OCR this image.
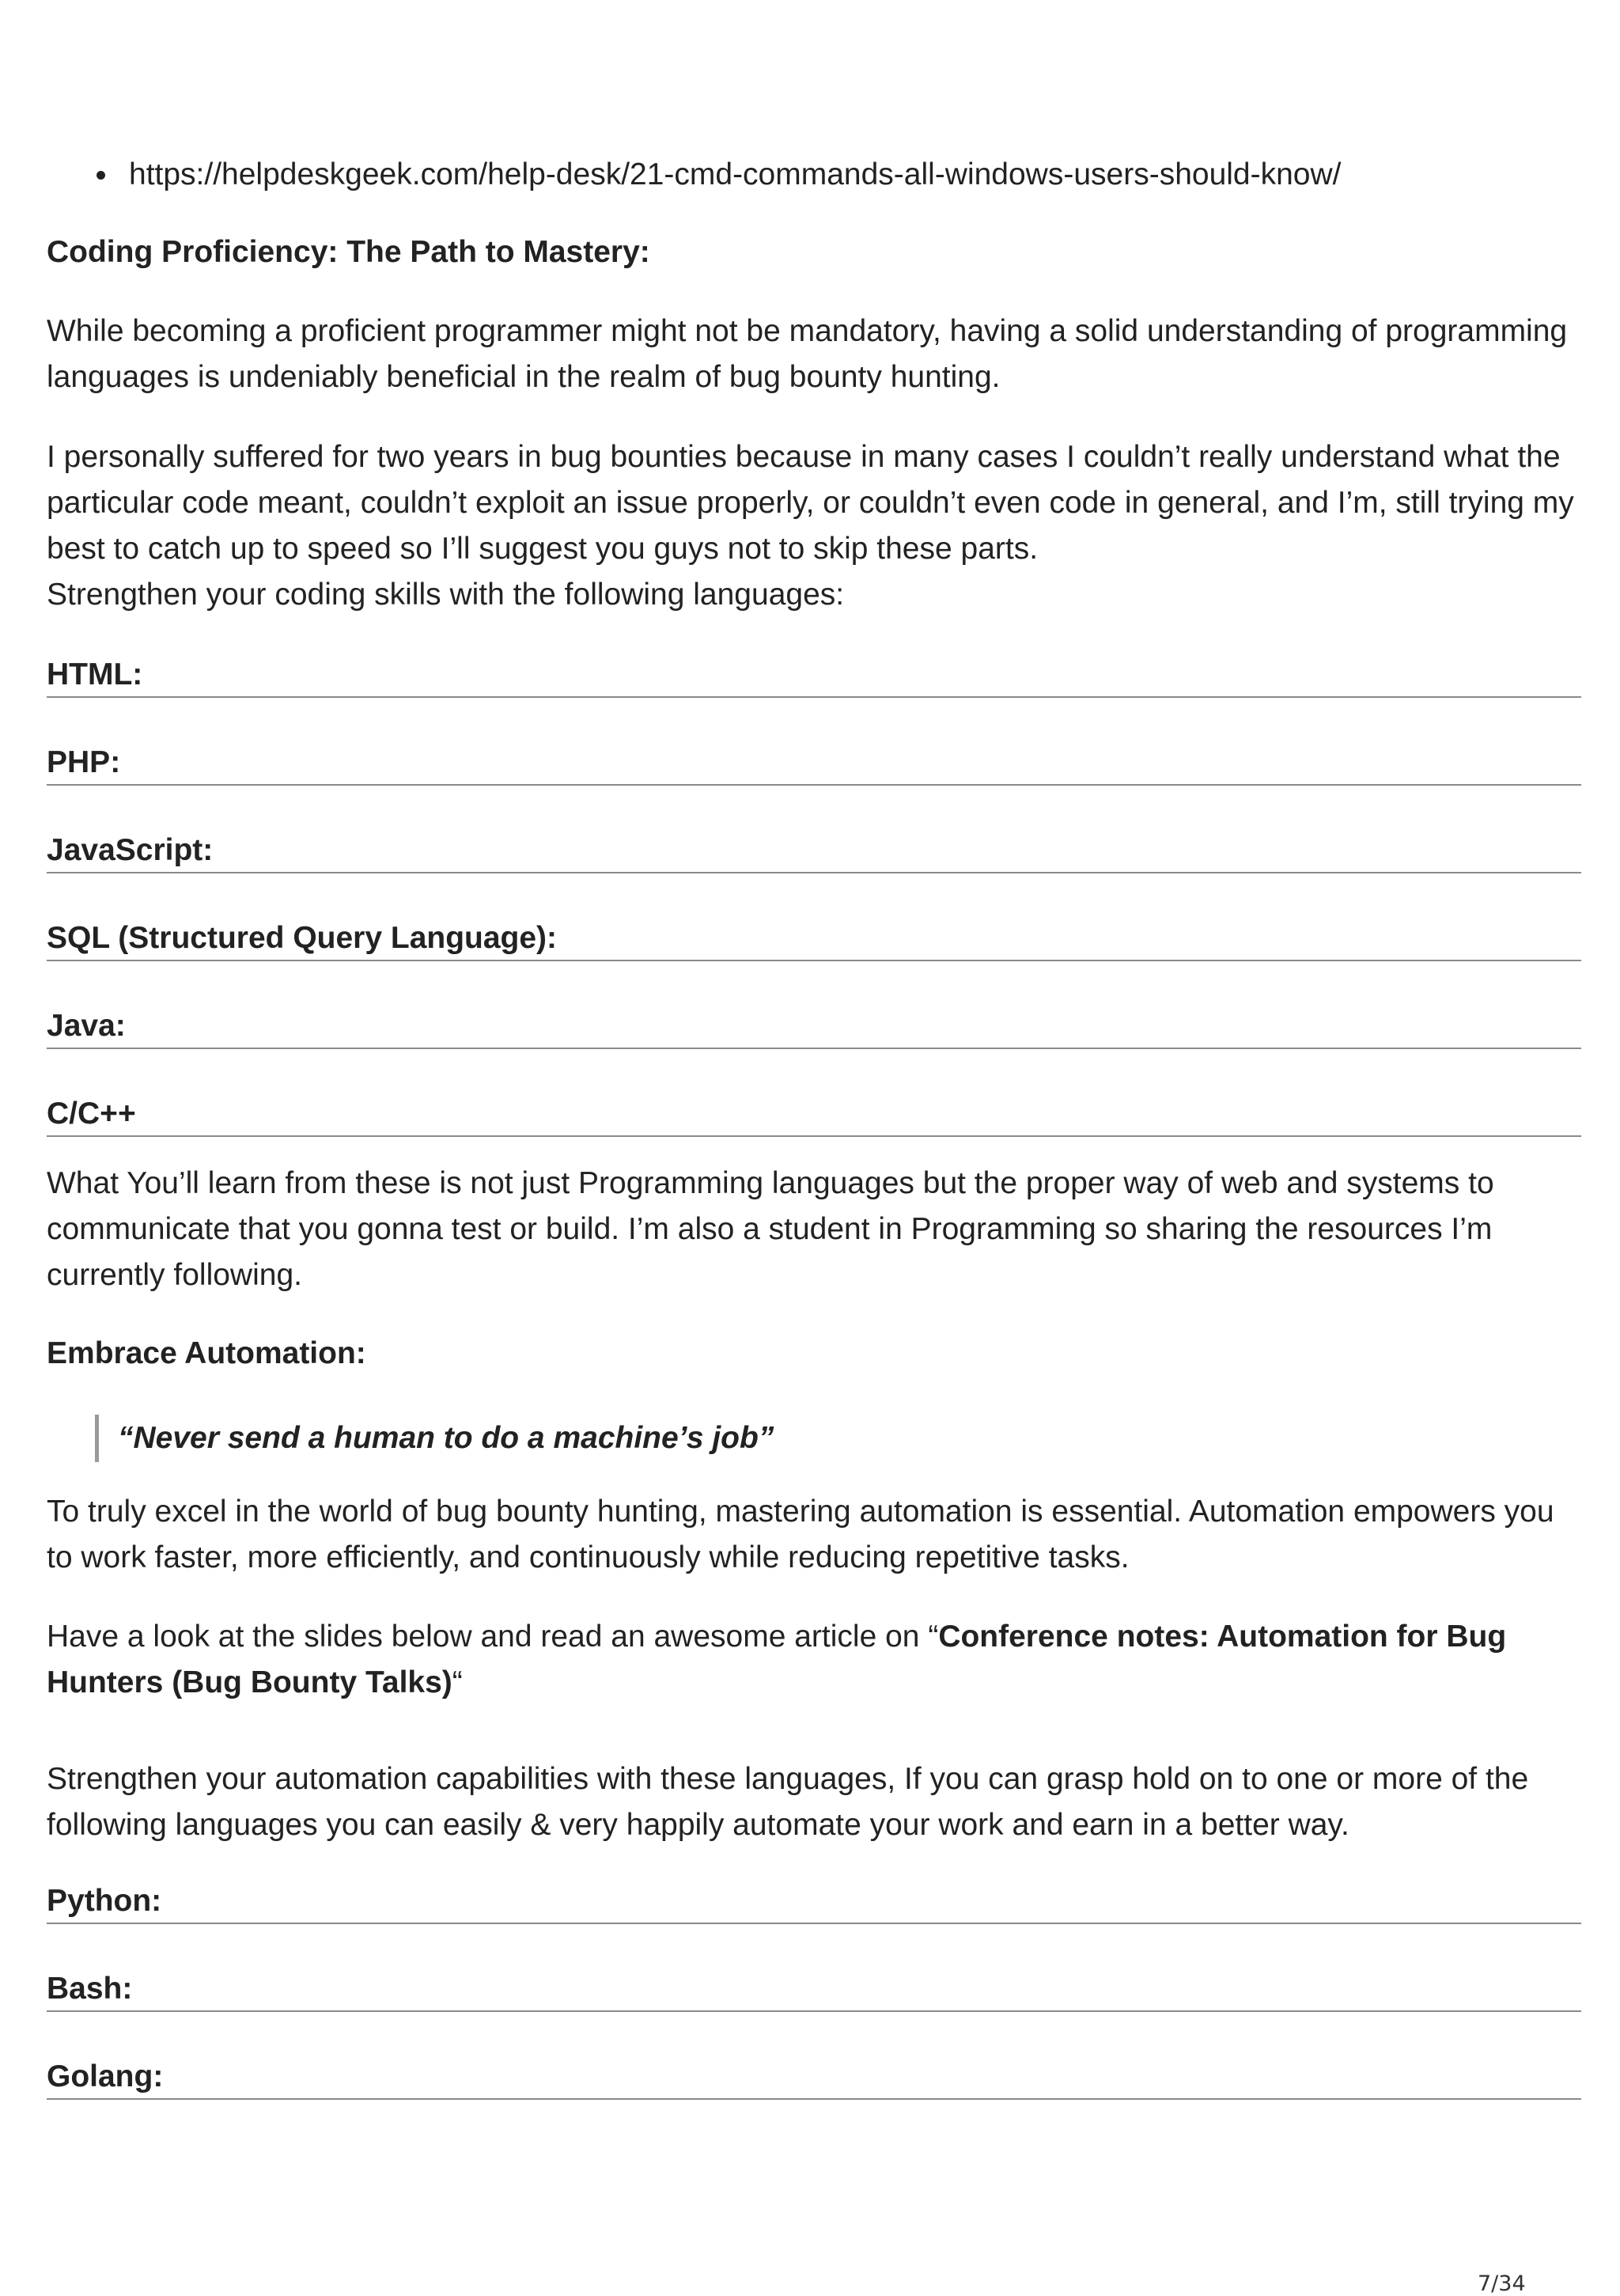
https://helpdeskgeek.com/help-desk/21-cmd-commands-all-windows-users-should-know/

Coding Proficiency: The Path to Mastery:

While becoming a proficient programmer might not be mandatory, having a solid understanding of programming languages is undeniably beneficial in the realm of bug bounty hunting.

I personally suffered for two years in bug bounties because in many cases I couldn’t really understand what the particular code meant, couldn’t exploit an issue properly, or couldn’t even code in general, and I’m, still trying my best to catch up to speed so I’ll suggest you guys not to skip these parts.
Strengthen your coding skills with the following languages:
HTML:
PHP:
JavaScript:
SQL (Structured Query Language):
Java:
C/C++

What You’ll learn from these is not just Programming languages but the proper way of web and systems to communicate that you gonna test or build. I’m also a student in Programming so sharing the resources I’m currently following.

Embrace Automation:

“Never send a human to do a machine’s job”

To truly excel in the world of bug bounty hunting, mastering automation is essential. Automation empowers you to work faster, more efficiently, and continuously while reducing repetitive tasks.

Have a look at the slides below and read an awesome article on “Conference notes: Automation for Bug Hunters (Bug Bounty Talks)“

Strengthen your automation capabilities with these languages, If you can grasp hold on to one or more of the following languages you can easily & very happily automate your work and earn in a better way.

Python:
Bash:
Golang:
7/34
